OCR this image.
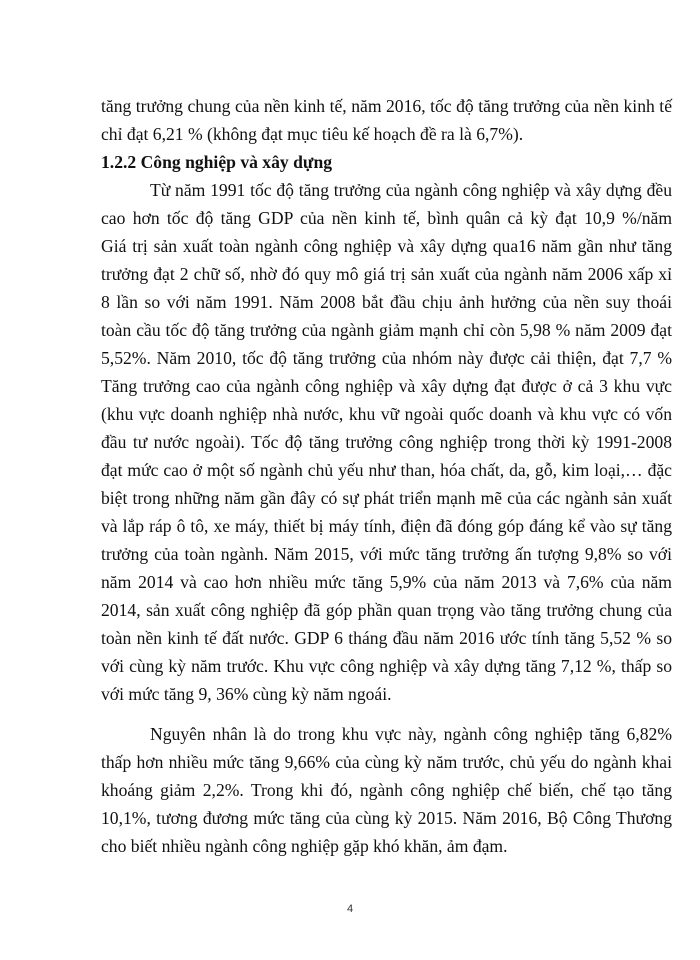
tăng trưởng chung của nền kinh tế, năm 2016, tốc độ tăng trưởng của nền kinh tế
chỉ đạt 6,21 % (không đạt mục tiêu kế hoạch đề ra là 6,7%).
1.2.2 Công nghiệp và xây dựng
Từ năm 1991 tốc độ tăng trưởng của ngành công nghiệp và xây dựng đều
cao hơn tốc độ tăng GDP của nền kinh tế, bình quân cả kỳ đạt 10,9 %/năm
Giá trị sản xuất toàn ngành công nghiệp và xây dựng qua16 năm gần như tăng
trưởng đạt 2 chữ số, nhờ đó quy mô giá trị sản xuất của ngành năm 2006 xấp xỉ
8 lần so với năm 1991. Năm 2008 bắt đầu chịu ảnh hưởng của nền suy thoái
toàn cầu tốc độ tăng trưởng của ngành giảm mạnh chỉ còn 5,98 % năm 2009 đạt
5,52%. Năm 2010, tốc độ tăng trưởng của nhóm này được cải thiện, đạt 7,7 %
Tăng trưởng cao của ngành công nghiệp và xây dựng đạt được ở cả 3 khu vực
(khu vực doanh nghiệp nhà nước, khu vữ ngoài quốc doanh và khu vực có vốn
đầu tư nước ngoài). Tốc độ tăng trưởng công nghiệp trong thời kỳ 1991-2008
đạt mức cao ở một số ngành chủ yếu như than, hóa chất, da, gỗ, kim loại,… đặc
biệt trong những năm gần đây có sự phát triển mạnh mẽ của các ngành sản xuất
và lắp ráp ô tô, xe máy, thiết bị máy tính, điện đã đóng góp đáng kể vào sự tăng
trưởng của toàn ngành. Năm 2015, với mức tăng trưởng ấn tượng 9,8% so với
năm 2014 và cao hơn nhiều mức tăng 5,9% của năm 2013 và 7,6% của năm
2014, sản xuất công nghiệp đã góp phần quan trọng vào tăng trưởng chung của
toàn nền kinh tế đất nước. GDP 6 tháng đầu năm 2016 ước tính tăng 5,52 % so
với cùng kỳ năm trước. Khu vực công nghiệp và xây dựng tăng 7,12 %, thấp so
với mức tăng 9, 36% cùng kỳ năm ngoái.
Nguyên nhân là do trong khu vực này, ngành công nghiệp tăng 6,82%
thấp hơn nhiều mức tăng 9,66% của cùng kỳ năm trước, chủ yếu do ngành khai
khoáng giảm 2,2%. Trong khi đó, ngành công nghiệp chế biến, chế tạo tăng
10,1%, tương đương mức tăng của cùng kỳ 2015. Năm 2016, Bộ Công Thương
cho biết nhiều ngành công nghiệp gặp khó khăn, ảm đạm.
4
